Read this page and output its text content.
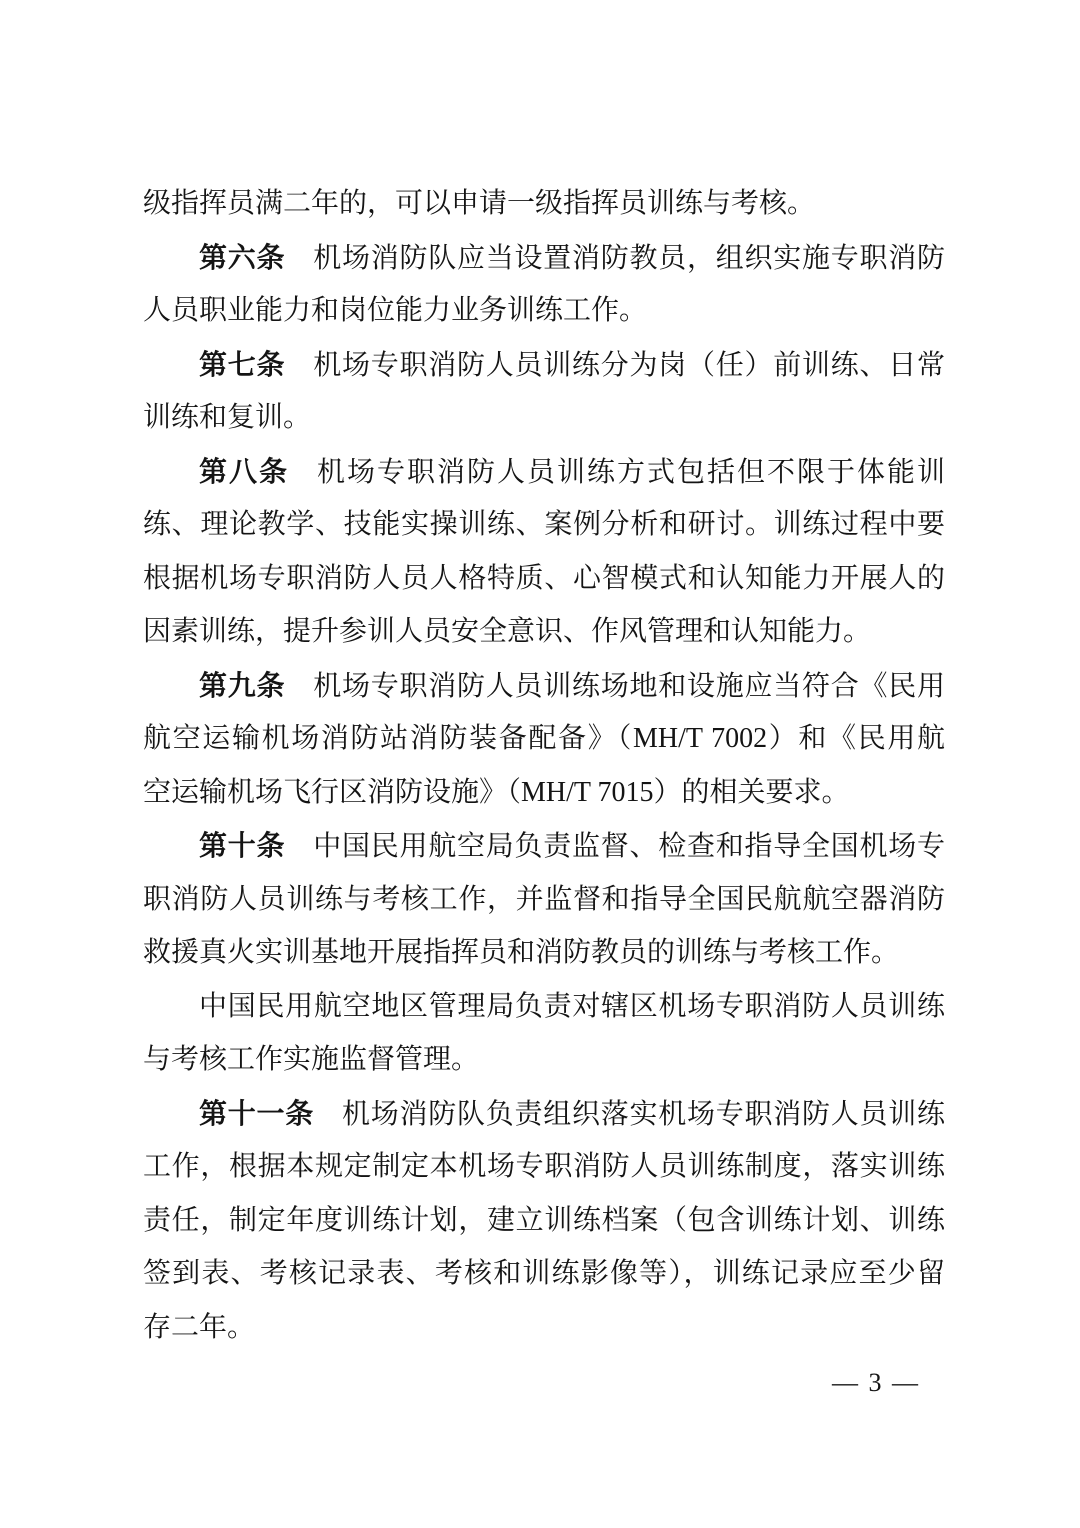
级指挥员满二年的，可以申请一级指挥员训练与考核。
第六条 机场消防队应当设置消防教员，组织实施专职消防
人员职业能力和岗位能力业务训练工作。
第七条 机场专职消防人员训练分为岗（任）前训练、日常
训练和复训。
第八条 机场专职消防人员训练方式包括但不限于体能训
练、理论教学、技能实操训练、案例分析和研讨。训练过程中要
根据机场专职消防人员人格特质、心智模式和认知能力开展人的
因素训练，提升参训人员安全意识、作风管理和认知能力。
第九条 机场专职消防人员训练场地和设施应当符合《民用
航空运输机场消防站消防装备配备》（MH/T 7002）和《民用航
空运输机场飞行区消防设施》（MH/T 7015）的相关要求。
第十条 中国民用航空局负责监督、检查和指导全国机场专
职消防人员训练与考核工作，并监督和指导全国民航航空器消防
救援真火实训基地开展指挥员和消防教员的训练与考核工作。
中国民用航空地区管理局负责对辖区机场专职消防人员训练
与考核工作实施监督管理。
第十一条 机场消防队负责组织落实机场专职消防人员训练
工作，根据本规定制定本机场专职消防人员训练制度，落实训练
责任，制定年度训练计划，建立训练档案（包含训练计划、训练
签到表、考核记录表、考核和训练影像等），训练记录应至少留
存二年。
— 3 —
